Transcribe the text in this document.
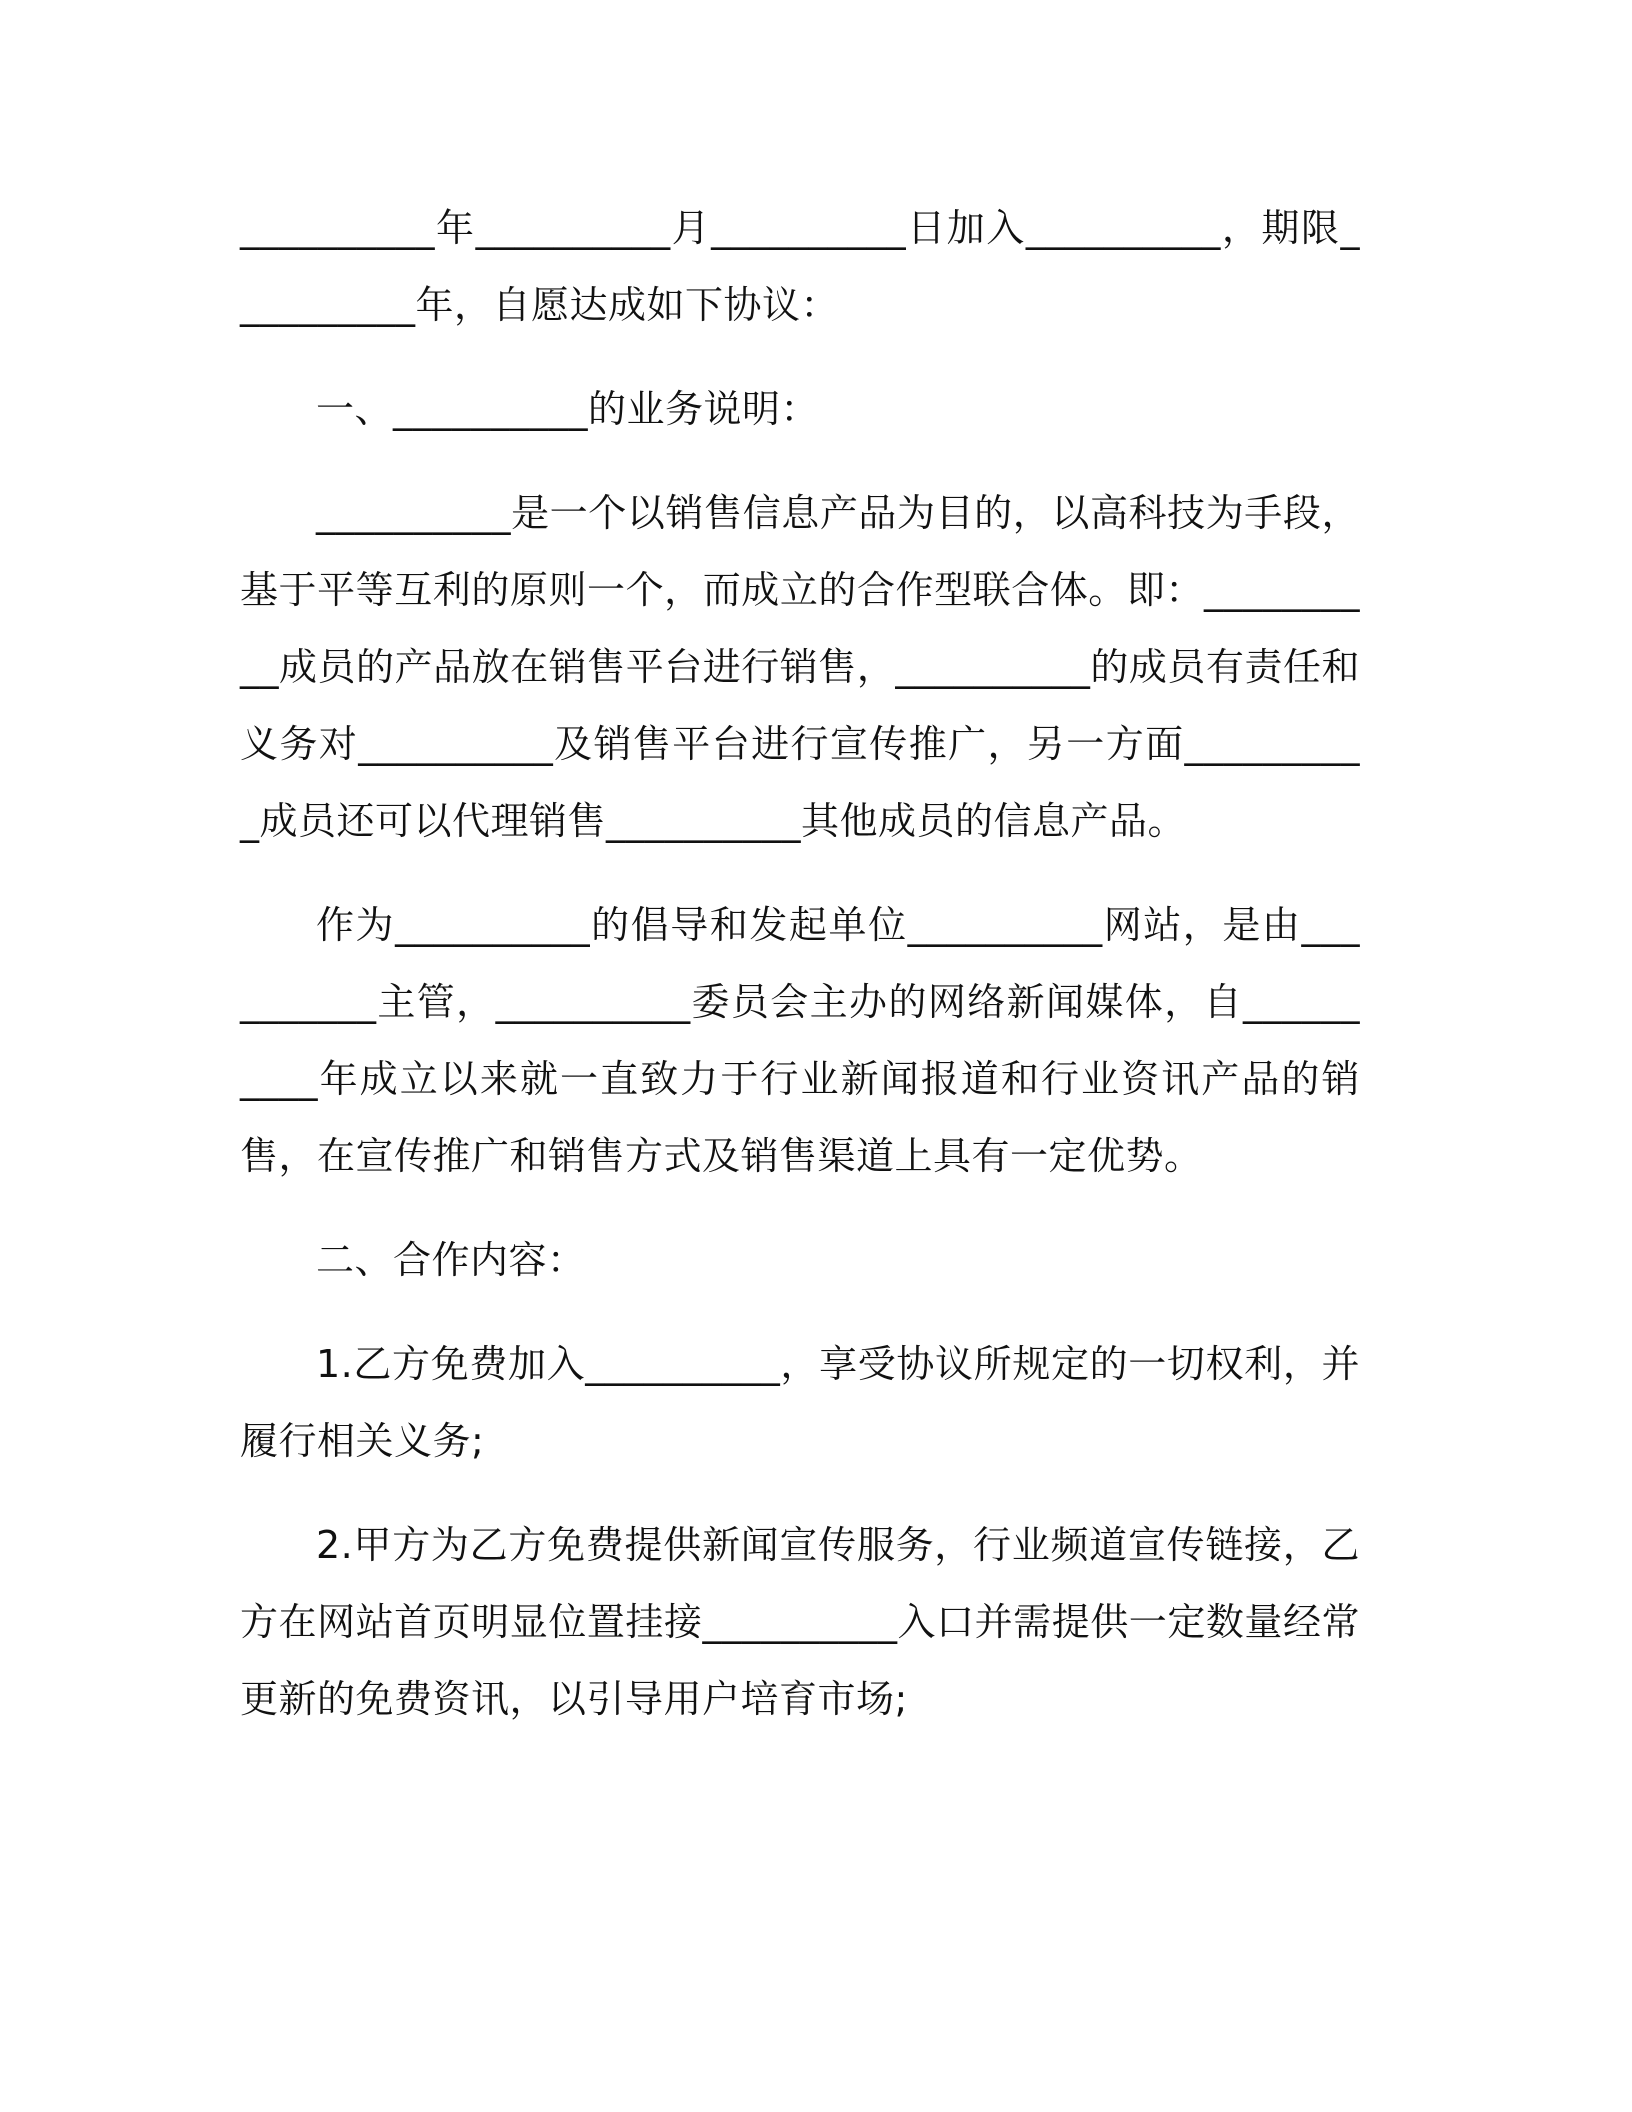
__________年__________月__________日加入__________，期限__________年，自愿达成如下协议：

一、__________的业务说明：

__________是一个以销售信息产品为目的，以高科技为手段，基于平等互利的原则一个，而成立的合作型联合体。即：__________成员的产品放在销售平台进行销售，__________的成员有责任和义务对__________及销售平台进行宣传推广，另一方面__________成员还可以代理销售__________其他成员的信息产品。

作为__________的倡导和发起单位__________网站，是由__________主管，__________委员会主办的网络新闻媒体，自__________年成立以来就一直致力于行业新闻报道和行业资讯产品的销售，在宣传推广和销售方式及销售渠道上具有一定优势。

二、合作内容：

1.乙方免费加入__________，享受协议所规定的一切权利，并履行相关义务;

2.甲方为乙方免费提供新闻宣传服务，行业频道宣传链接，乙方在网站首页明显位置挂接__________入口并需提供一定数量经常更新的免费资讯，以引导用户培育市场;
